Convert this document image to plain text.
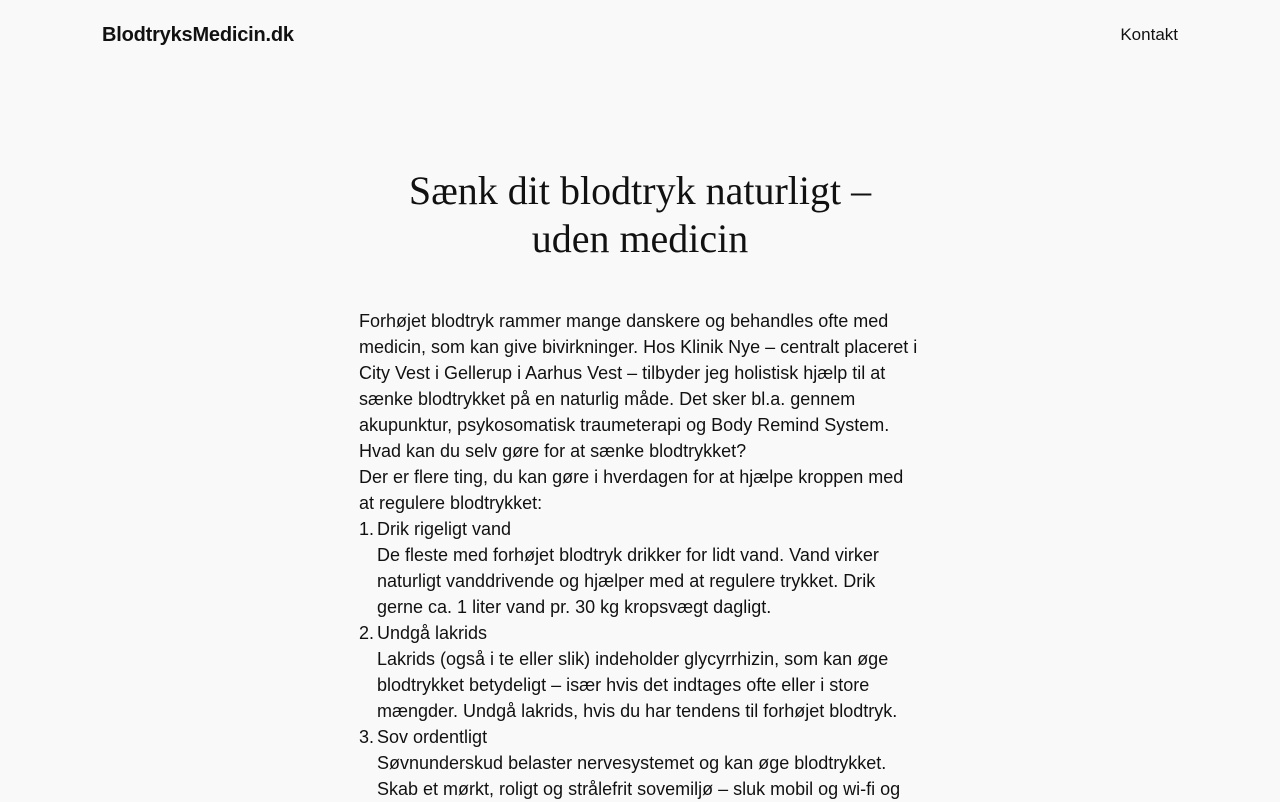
BlodtryksMedicin.dk	Kontakt
Sænk dit blodtryk naturligt – uden medicin

Forhøjet blodtryk rammer mange danskere og behandles ofte med medicin, som kan give bivirkninger. Hos Klinik Nye – centralt placeret i City Vest i Gellerup i Aarhus Vest – tilbyder jeg holistisk hjælp til at sænke blodtrykket på en naturlig måde. Det sker bl.a. gennem akupunktur, psykosomatisk traumeterapi og Body Remind System. Hvad kan du selv gøre for at sænke blodtrykket?

Der er flere ting, du kan gøre i hverdagen for at hjælpe kroppen med at regulere blodtrykket:

1. Drik rigeligt vand
De fleste med forhøjet blodtryk drikker for lidt vand. Vand virker naturligt vanddrivende og hjælper med at regulere trykket. Drik gerne ca. 1 liter vand pr. 30 kg kropsvægt dagligt.
2. Undgå lakrids
Lakrids (også i te eller slik) indeholder glycyrrhizin, som kan øge blodtrykket betydeligt – især hvis det indtages ofte eller i store mængder. Undgå lakrids, hvis du har tendens til forhøjet blodtryk.
3. Sov ordentligt
Søvnunderskud belaster nervesystemet og kan øge blodtrykket. Skab et mørkt, roligt og strålefrit sovemiljø – sluk mobil og wi-fi og
